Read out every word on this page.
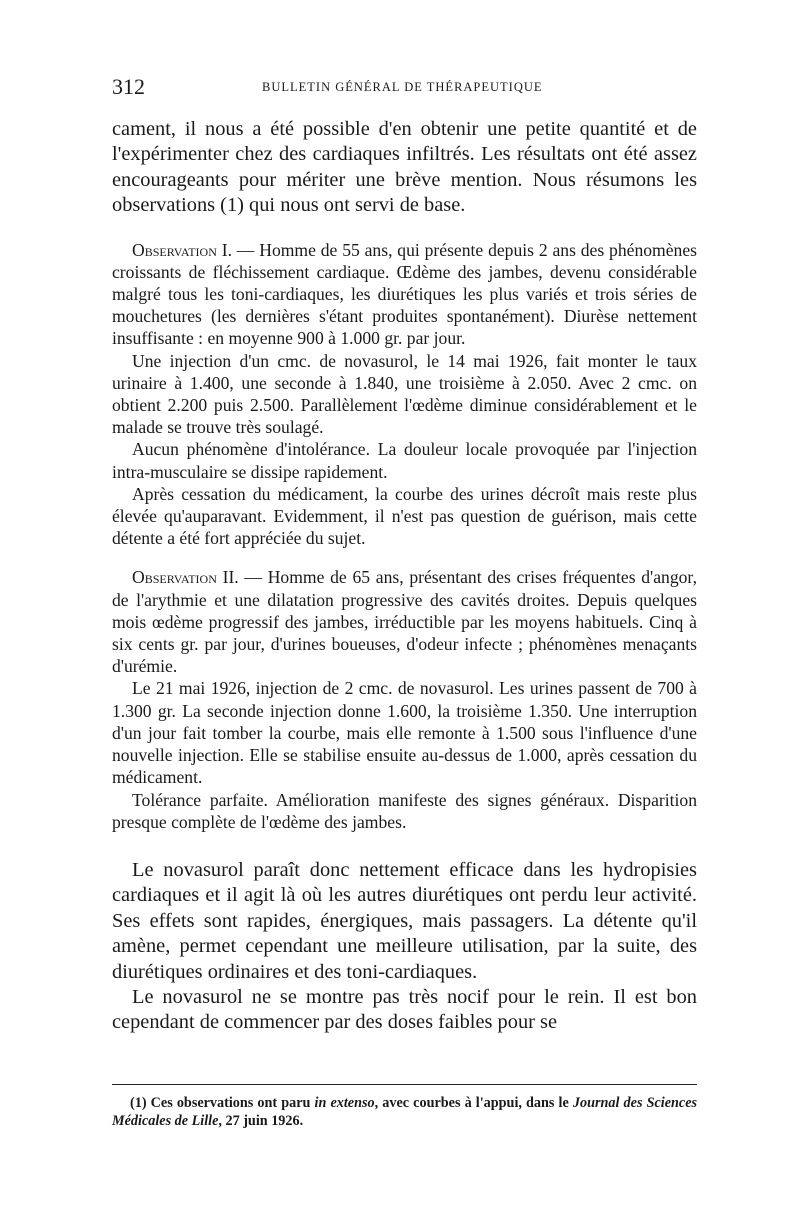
312	BULLETIN GÉNÉRAL DE THÉRAPEUTIQUE

cament, il nous a été possible d'en obtenir une petite quantité et de l'expérimenter chez des cardiaques infiltrés. Les résultats ont été assez encourageants pour mériter une brève mention. Nous résumons les observations (1) qui nous ont servi de base.

Observation I. — Homme de 55 ans, qui présente depuis 2 ans des phénomènes croissants de fléchissement cardiaque. Œdème des jambes, devenu considérable malgré tous les toni-cardiaques, les diurétiques les plus variés et trois séries de mouchetures (les dernières s'étant produites spontanément). Diurèse nettement insuffisante : en moyenne 900 à 1.000 gr. par jour.

Une injection d'un cmc. de novasurol, le 14 mai 1926, fait monter le taux urinaire à 1.400, une seconde à 1.840, une troisième à 2.050. Avec 2 cmc. on obtient 2.200 puis 2.500. Parallèlement l'œdème diminue considérablement et le malade se trouve très soulagé.

Aucun phénomène d'intolérance. La douleur locale provoquée par l'injection intra-musculaire se dissipe rapidement.

Après cessation du médicament, la courbe des urines décroît mais reste plus élevée qu'auparavant. Evidemment, il n'est pas question de guérison, mais cette détente a été fort appréciée du sujet.

Observation II. — Homme de 65 ans, présentant des crises fréquentes d'angor, de l'arythmie et une dilatation progressive des cavités droites. Depuis quelques mois œdème progressif des jambes, irréductible par les moyens habituels. Cinq à six cents gr. par jour, d'urines boueuses, d'odeur infecte ; phénomènes menaçants d'urémie.

Le 21 mai 1926, injection de 2 cmc. de novasurol. Les urines passent de 700 à 1.300 gr. La seconde injection donne 1.600, la troisième 1.350. Une interruption d'un jour fait tomber la courbe, mais elle remonte à 1.500 sous l'influence d'une nouvelle injection. Elle se stabilise ensuite au-dessus de 1.000, après cessation du médicament.

Tolérance parfaite. Amélioration manifeste des signes généraux. Disparition presque complète de l'œdème des jambes.

Le novasurol paraît donc nettement efficace dans les hydropisies cardiaques et il agit là où les autres diurétiques ont perdu leur activité. Ses effets sont rapides, énergiques, mais passagers. La détente qu'il amène, permet cependant une meilleure utilisation, par la suite, des diurétiques ordinaires et des toni-cardiaques.

Le novasurol ne se montre pas très nocif pour le rein. Il est bon cependant de commencer par des doses faibles pour se

(1) Ces observations ont paru in extenso, avec courbes à l'appui, dans le Journal des Sciences Médicales de Lille, 27 juin 1926.
